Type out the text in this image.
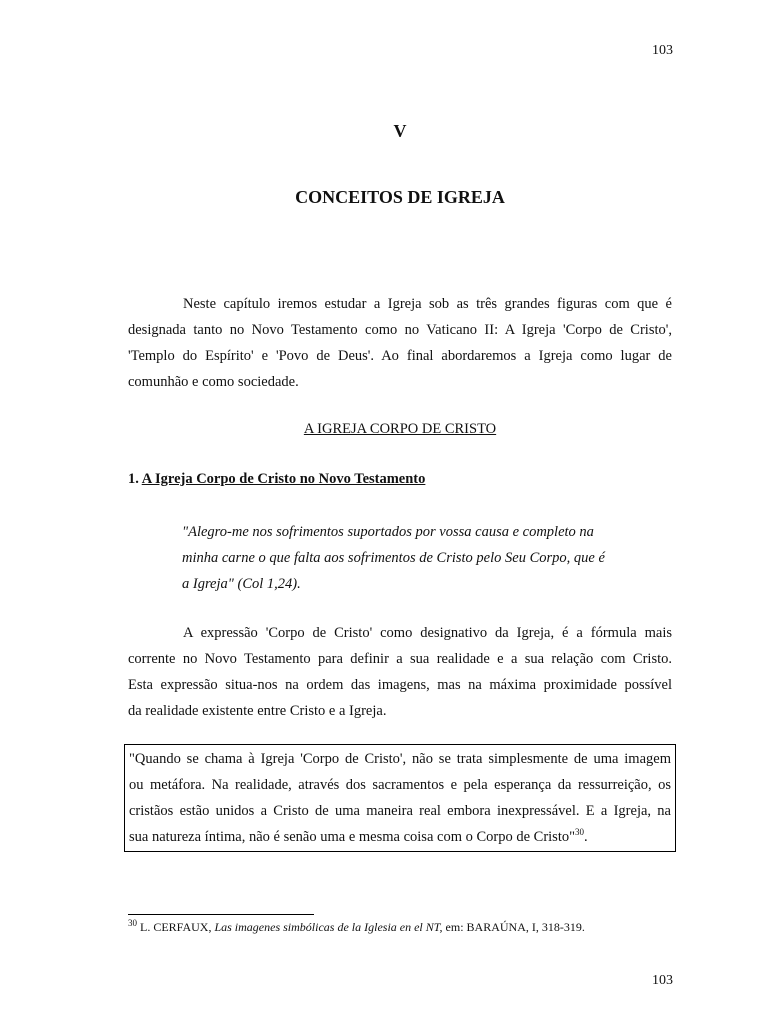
103
V
CONCEITOS DE IGREJA
Neste capítulo iremos estudar a Igreja sob as três grandes figuras com que é
designada tanto no Novo Testamento como no Vaticano II: A Igreja 'Corpo de Cristo',
'Templo do Espírito' e 'Povo de Deus'. Ao final abordaremos a Igreja como lugar de
comunhão e como sociedade.
A IGREJA CORPO DE CRISTO
1. A Igreja Corpo de Cristo no Novo Testamento
"Alegro-me nos sofrimentos suportados por vossa causa e completo na
minha carne o que falta aos sofrimentos de Cristo pelo Seu Corpo, que é
a Igreja" (Col 1,24).
A expressão 'Corpo de Cristo' como designativo da Igreja, é a fórmula mais
corrente no Novo Testamento para definir a sua realidade e a sua relação com Cristo.
Esta expressão situa-nos na ordem das imagens, mas na máxima proximidade possível
da realidade existente entre Cristo e a Igreja.
"Quando se chama à Igreja 'Corpo de Cristo', não se trata simplesmente de uma imagem
ou metáfora. Na realidade, através dos sacramentos e pela esperança da ressurreição, os
cristãos estão unidos a Cristo de uma maneira real embora inexpressável. E a Igreja, na
sua natureza íntima, não é senão uma e mesma coisa com o Corpo de Cristo"$^{30}$.
$^{30}$ L. CERFAUX, Las imagenes simbólicas de la Iglesia en el NT, em: BARAÚNA, I, 318-319.
103
